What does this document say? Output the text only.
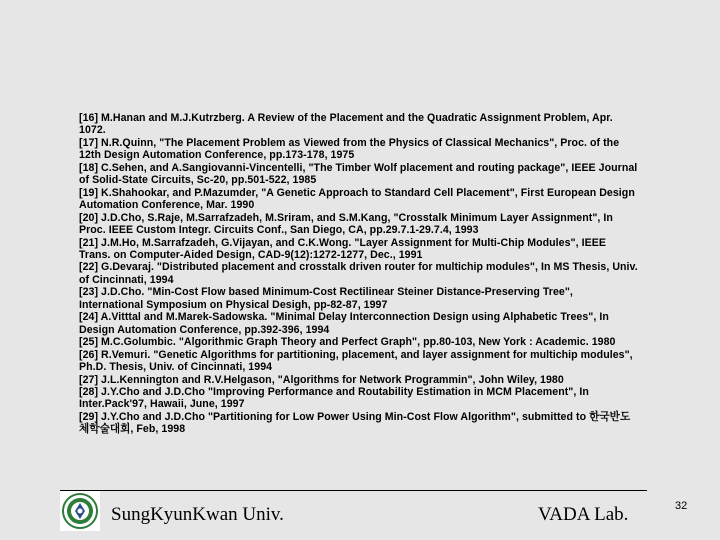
[16] M.Hanan and M.J.Kutrzberg. A Review of the Placement and the Quadratic Assignment Problem, Apr. 1072.
[17] N.R.Quinn, "The Placement Problem as Viewed from the Physics of Classical Mechanics", Proc. of the 12th Design Automation Conference, pp.173-178, 1975
[18] C.Sehen, and A.Sangiovanni-Vincentelli, "The Timber Wolf placement and routing package", IEEE Journal of Solid-State Circuits, Sc-20, pp.501-522, 1985
[19] K.Shahookar, and P.Mazumder, "A Genetic Approach to Standard Cell Placement", First European Design Automation Conference, Mar. 1990
[20] J.D.Cho, S.Raje, M.Sarrafzadeh, M.Sriram, and S.M.Kang, "Crosstalk Minimum Layer Assignment", In Proc. IEEE Custom Integr. Circuits Conf., San Diego, CA, pp.29.7.1-29.7.4, 1993
[21] J.M.Ho, M.Sarrafzadeh, G.Vijayan, and C.K.Wong. "Layer Assignment for Multi-Chip Modules", IEEE Trans. on Computer-Aided Design, CAD-9(12):1272-1277, Dec., 1991
[22] G.Devaraj. "Distributed placement and crosstalk driven router for multichip modules", In MS Thesis, Univ. of Cincinnati, 1994
[23] J.D.Cho. "Min-Cost Flow based Minimum-Cost Rectilinear Steiner Distance-Preserving Tree", International Symposium on Physical Desigh, pp-82-87, 1997
[24] A.Vitttal and M.Marek-Sadowska. "Minimal Delay Interconnection Design using Alphabetic Trees", In Design Automation Conference, pp.392-396, 1994
[25] M.C.Golumbic. "Algorithmic Graph Theory and Perfect Graph", pp.80-103, New York : Academic. 1980
[26] R.Vemuri. "Genetic Algorithms for partitioning, placement, and layer assignment for multichip modules", Ph.D. Thesis, Univ. of Cincinnati, 1994
[27] J.L.Kennington and R.V.Helgason, "Algorithms for Network Programmin", John Wiley, 1980
[28] J.Y.Cho and J.D.Cho "Improving Performance and Routability Estimation in MCM Placement", In Inter.Pack'97, Hawaii, June, 1997
[29] J.Y.Cho and J.D.Cho "Partitioning for Low Power Using Min-Cost Flow Algorithm", submitted to 한국반도체학술대회, Feb, 1998
SungKyunKwan Univ.	VADA Lab.	32
